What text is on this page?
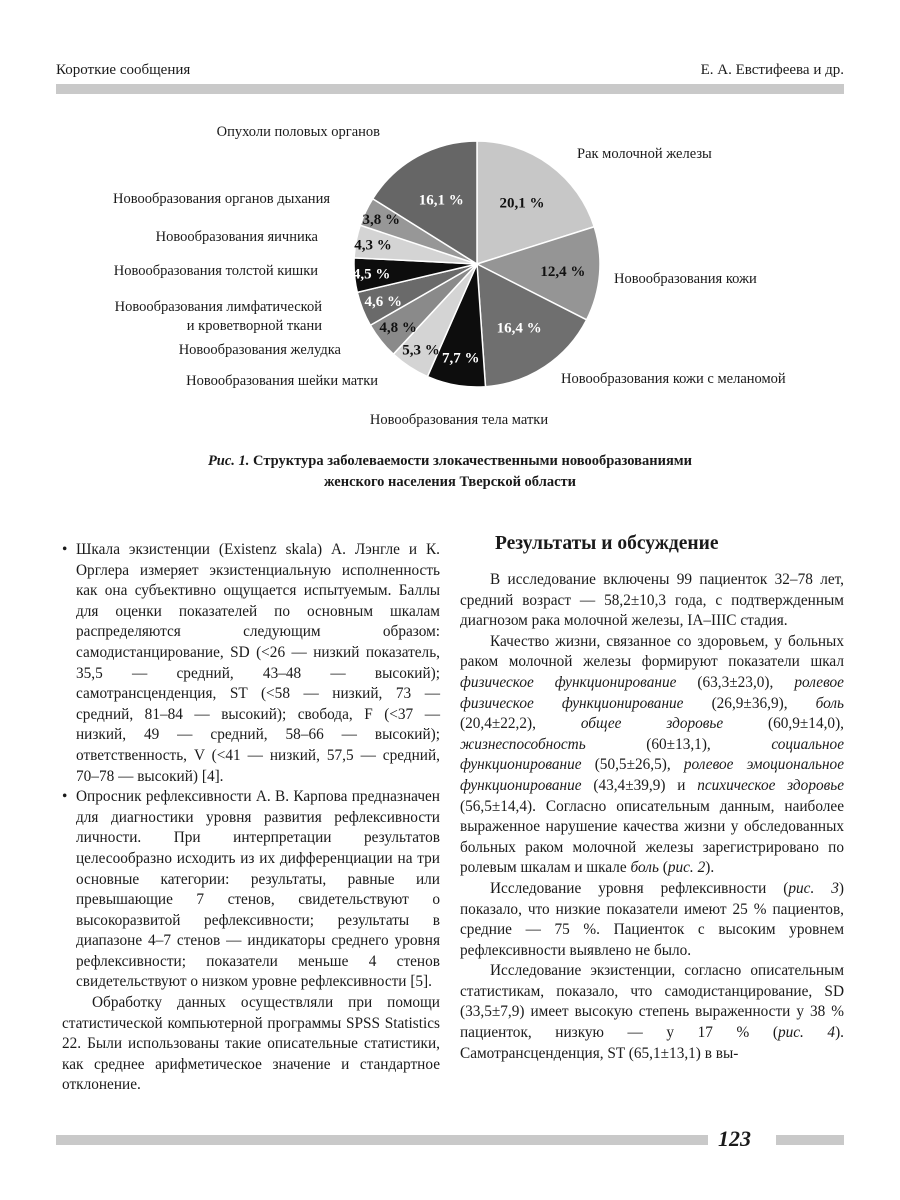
Короткие сообщения	Е. А. Евстифеева и др.
20,1 %
12,4 %
16,4 %
7,7 %
5,3 %
4,8 %
4,6 %
4,5 %
4,3 %
3,8 %
16,1 %
Рак молочной железы
Новообразования кожи
Новообразования кожи с меланомой
Новообразования тела матки
Новообразования шейки матки
Новообразования желудка
Новообразования лимфатической
и кроветворной ткани
Новообразования толстой кишки
Новообразования яичника
Новообразования органов дыхания
Опухоли половых органов
Рис. 1. Структура заболеваемости злокачественными новообразованиями
женского населения Тверской области

• Шкала экзистенции (Existenz skala) А. Лэнгле и К. Орглера измеряет экзистенциальную исполненность как она субъективно ощущается испытуемым. Баллы для оценки показателей по основным шкалам распределяются следующим образом: самодистанцирование, SD (<26 — низкий показатель, 35,5 — средний, 43–48 — высокий); самотрансценденция, ST (<58 — низкий, 73 — средний, 81–84 — высокий); свобода, F (<37 — низкий, 49 — средний, 58–66 — высокий); ответственность, V (<41 — низкий, 57,5 — средний, 70–78 — высокий) [4].

• Опросник рефлексивности А. В. Карпова предназначен для диагностики уровня развития рефлексивности личности. При интерпретации результатов целесообразно исходить из их дифференциации на три основные категории: результаты, равные или превышающие 7 стенов, свидетельствуют о высокоразвитой рефлексивности; результаты в диапазоне 4–7 стенов — индикаторы среднего уровня рефлексивности; показатели меньше 4 стенов свидетельствуют о низком уровне рефлексивности [5].

Обработку данных осуществляли при помощи статистической компьютерной программы SPSS Statistics 22. Были использованы такие описательные статистики, как среднее арифметическое значение и стандартное отклонение.

Результаты и обсуждение

В исследование включены 99 пациенток 32–78 лет, средний возраст — 58,2±10,3 года, с подтвержденным диагнозом рака молочной железы, IA–IIIC стадия.

Качество жизни, связанное со здоровьем, у больных раком молочной железы формируют показатели шкал физическое функционирование (63,3±23,0), ролевое физическое функционирование (26,9±36,9), боль (20,4±22,2), общее здоровье (60,9±14,0), жизнеспособность (60±13,1), социальное функционирование (50,5±26,5), ролевое эмоциональное функционирование (43,4±39,9) и психическое здоровье (56,5±14,4). Согласно описательным данным, наиболее выраженное нарушение качества жизни у обследованных больных раком молочной железы зарегистрировано по ролевым шкалам и шкале боль (рис. 2).

Исследование уровня рефлексивности (рис. 3) показало, что низкие показатели имеют 25 % пациентов, средние — 75 %. Пациенток с высоким уровнем рефлексивности выявлено не было.

Исследование экзистенции, согласно описательным статистикам, показало, что самодистанцирование, SD (33,5±7,9) имеет высокую степень выраженности у 38 % пациенток, низкую — у 17 % (рис. 4). Самотрансценденция, ST (65,1±13,1) в вы-

123
